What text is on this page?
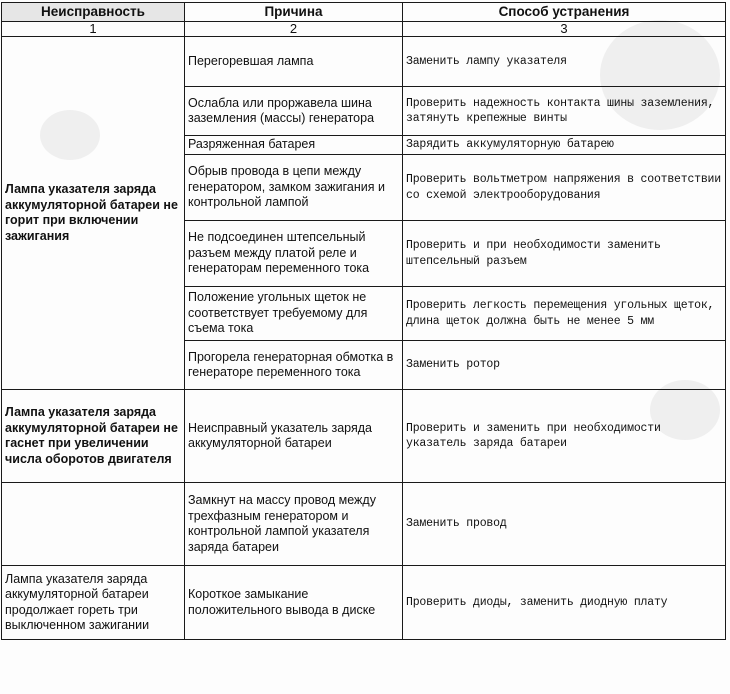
Неисправность	Причина	Способ устранения
1	2	3
Лампа указателя заряда аккумуляторной батареи не горит при включении зажигания	Перегоревшая лампа	Заменить лампу указателя
	Ослабла или проржавела шина заземления (массы) генератора	Проверить надежность контакта шины заземления, затянуть крепежные винты
	Разряженная батарея	Зарядить аккумуляторную батарею
	Обрыв провода в цепи между генератором, замком зажигания и контрольной лампой	Проверить вольтметром напряжения в соответствии со схемой электрооборудования
	Не подсоединен штепсельный разъем между платой реле и генераторам переменного тока	Проверить и при необходимости заменить штепсельный разъем
	Положение угольных щеток не соответствует требуемому для съема тока	Проверить легкость перемещения угольных щеток, длина щеток должна быть не менее 5 мм
	Прогорела генераторная обмотка в генераторе переменного тока	Заменить ротор
Лампа указателя заряда аккумуляторной батареи не гаснет при увеличении числа оборотов двигателя	Неисправный указатель заряда аккумуляторной батареи	Проверить и заменить при необходимости указатель заряда батареи
	Замкнут на массу провод между трехфазным генератором и контрольной лампой указателя заряда батареи	Заменить провод
Лампа указателя заряда аккумуляторной батареи продолжает гореть три выключенном зажигании	Короткое замыкание положительного вывода в диске	Проверить диоды, заменить диодную плату
